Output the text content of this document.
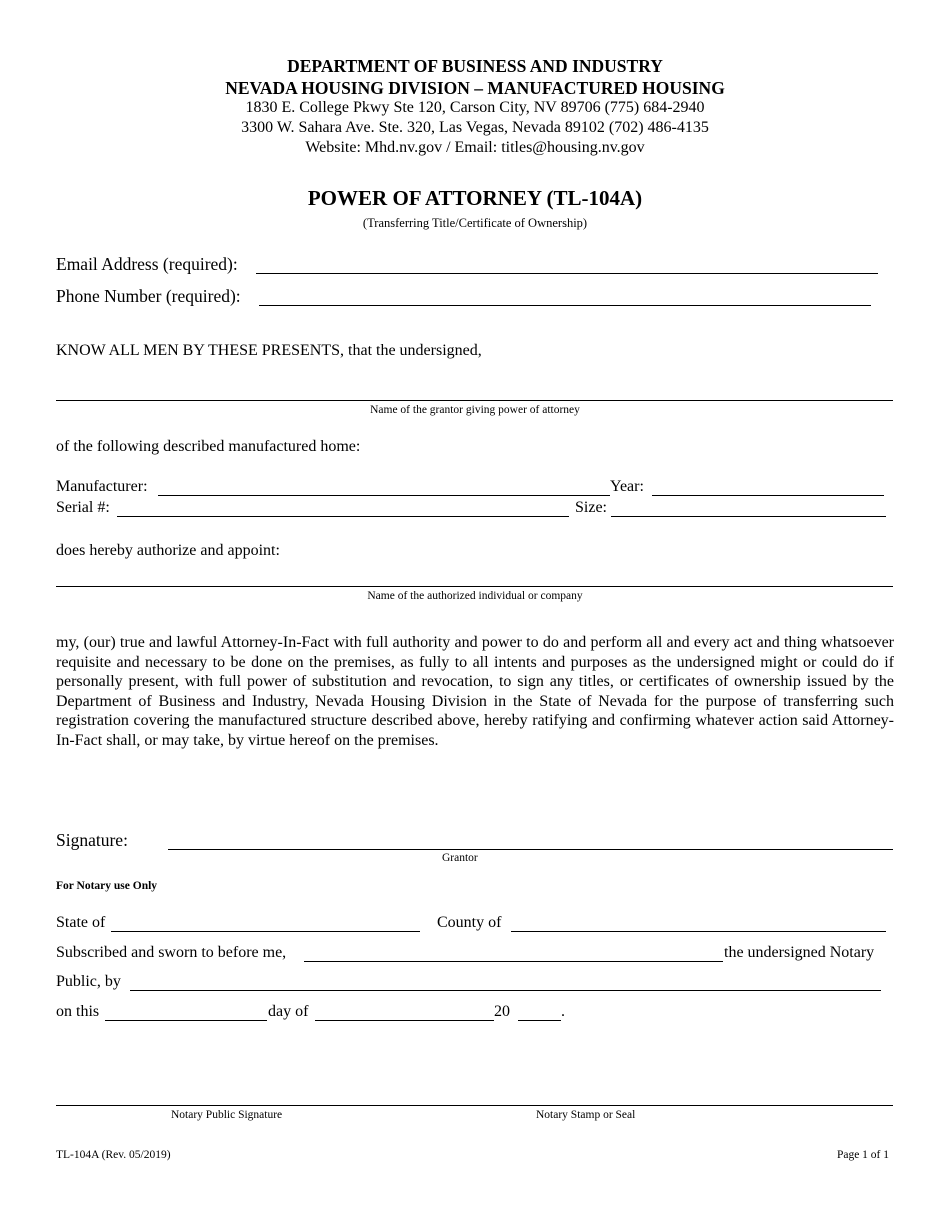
DEPARTMENT OF BUSINESS AND INDUSTRY
NEVADA HOUSING DIVISION – MANUFACTURED HOUSING
1830 E. College Pkwy Ste 120, Carson City, NV 89706 (775) 684-2940
3300 W. Sahara Ave. Ste. 320, Las Vegas, Nevada 89102 (702) 486-4135
Website: Mhd.nv.gov / Email: titles@housing.nv.gov
POWER OF ATTORNEY (TL-104A)
(Transferring Title/Certificate of Ownership)
Email Address (required):
Phone Number (required):
KNOW ALL MEN BY THESE PRESENTS, that the undersigned,
Name of the grantor giving power of attorney
of the following described manufactured home:
Manufacturer:	Year:
Serial #:	Size:
does hereby authorize and appoint:
Name of the authorized individual or company
my, (our) true and lawful Attorney-In-Fact with full authority and power to do and perform all and every act and thing whatsoever requisite and necessary to be done on the premises, as fully to all intents and purposes as the undersigned might or could do if personally present, with full power of substitution and revocation, to sign any titles, or certificates of ownership issued by the Department of Business and Industry, Nevada Housing Division in the State of Nevada for the purpose of transferring such registration covering the manufactured structure described above, hereby ratifying and confirming whatever action said Attorney-In-Fact shall, or may take, by virtue hereof on the premises.
Signature:
Grantor
For Notary use Only
State of	County of
Subscribed and sworn to before me,	the undersigned Notary
Public, by
on this	day of	20	.
Notary Public Signature	Notary Stamp or Seal
TL-104A (Rev. 05/2019)	Page 1 of 1
